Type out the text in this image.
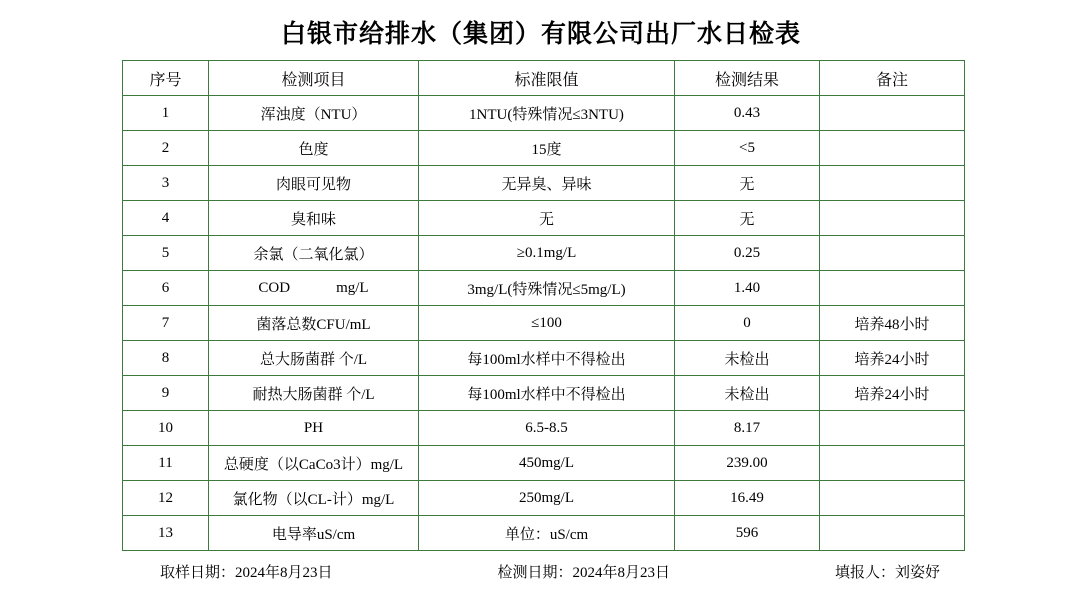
白银市给排水（集团）有限公司出厂水日检表
序号	检测项目	标准限值	检测结果	备注
1	浑浊度（NTU）	1NTU(特殊情况≤3NTU)	0.43	
2	色度	15度	<5	
3	肉眼可见物	无异臭、异味	无	
4	臭和味	无	无	
5	余氯（二氧化氯）	≥0.1mg/L	0.25	
6	COD mg/L	3mg/L(特殊情况≤5mg/L)	1.40	
7	菌落总数CFU/mL	≤100	0	培养48小时
8	总大肠菌群 个/L	每100ml水样中不得检出	未检出	培养24小时
9	耐热大肠菌群 个/L	每100ml水样中不得检出	未检出	培养24小时
10	PH	6.5-8.5	8.17	
11	总硬度（以CaCo3计）mg/L	450mg/L	239.00	
12	氯化物（以CL-计）mg/L	250mg/L	16.49	
13	电导率uS/cm	单位：uS/cm	596	
取样日期：2024年8月23日	检测日期：2024年8月23日	填报人：刘姿妤
